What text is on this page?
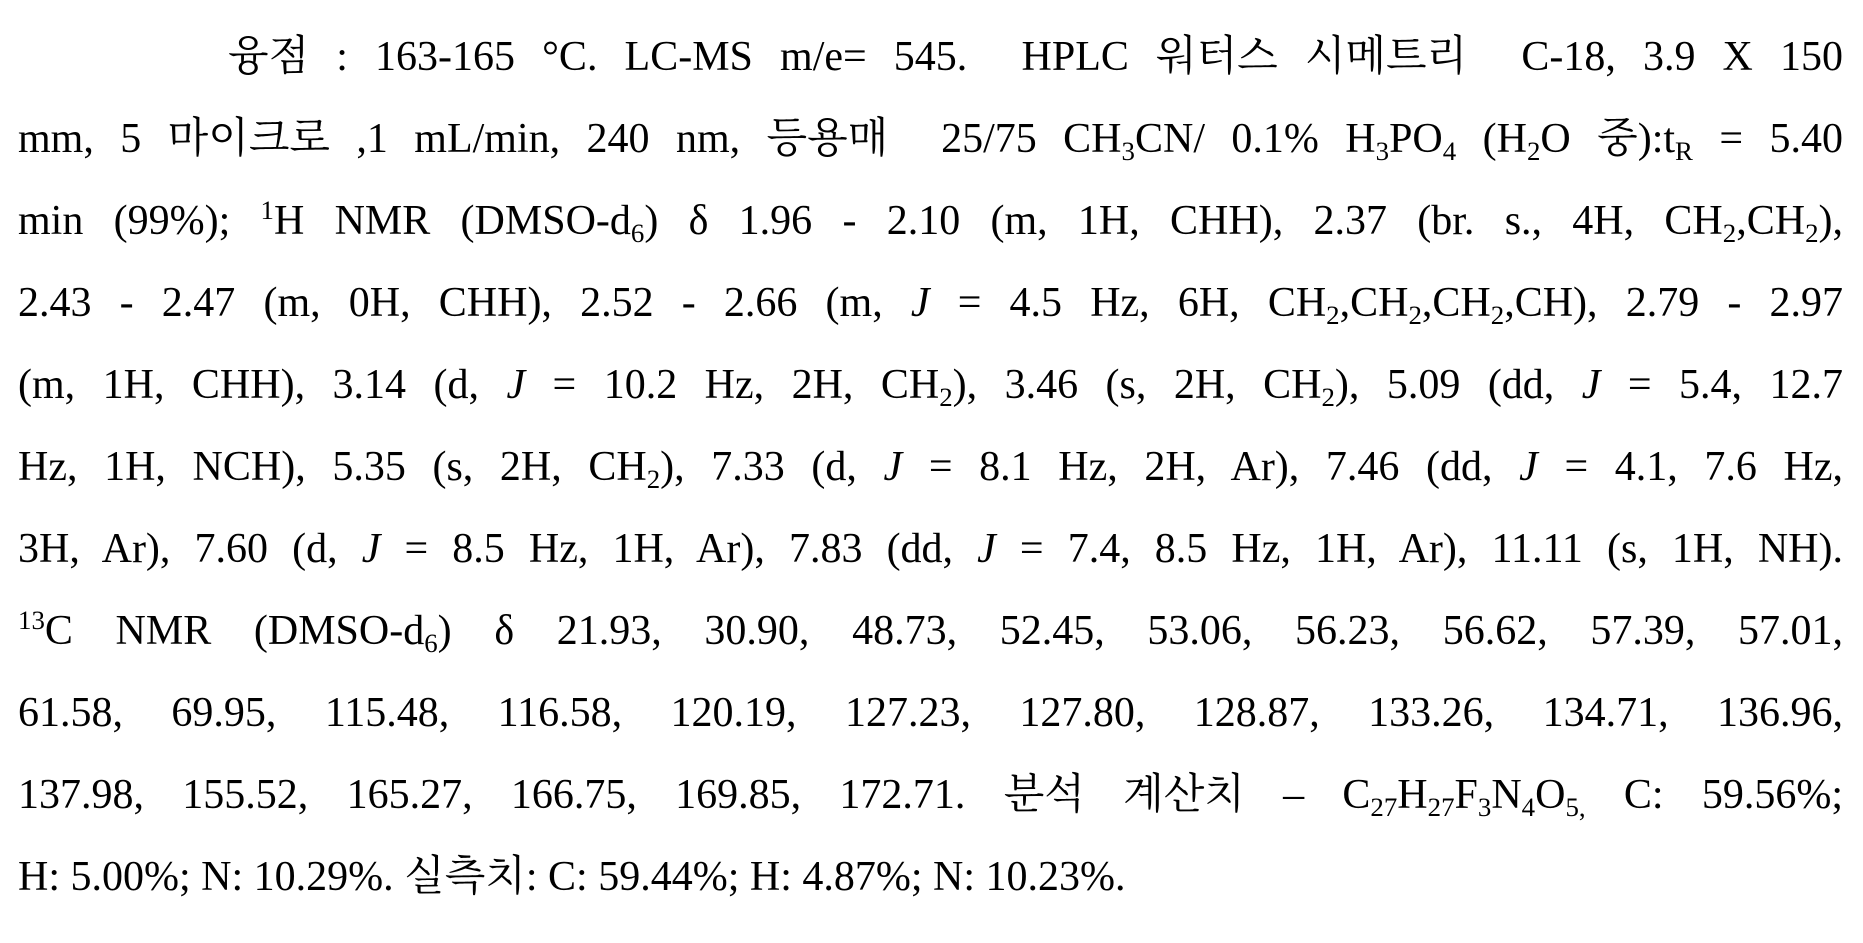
융점 : 163-165 °C. LC-MS m/e= 545.  HPLC 워터스 시메트리  C-18, 3.9 X 150
mm, 5 마이크로 ,1 mL/min, 240 nm, 등용매  25/75 CH3CN/ 0.1% H3PO4 (H2O 중):tR = 5.40
min (99%); $^1$H NMR (DMSO-d6) δ 1.96 - 2.10 (m, 1H, CHH), 2.37 (br. s., 4H, CH2,CH2),
2.43 - 2.47 (m, 0H, CHH), 2.52 - 2.66 (m, J = 4.5 Hz, 6H, CH2,CH2,CH2,CH), 2.79 - 2.97
(m, 1H, CHH), 3.14 (d, J = 10.2 Hz, 2H, CH2), 3.46 (s, 2H, CH2), 5.09 (dd, J = 5.4, 12.7
Hz, 1H, NCH), 5.35 (s, 2H, CH2), 7.33 (d, J = 8.1 Hz, 2H, Ar), 7.46 (dd, J = 4.1, 7.6 Hz,
3H, Ar), 7.60 (d, J = 8.5 Hz, 1H, Ar), 7.83 (dd, J = 7.4, 8.5 Hz, 1H, Ar), 11.11 (s, 1H, NH).
$^{13}$C NMR (DMSO-d6) δ 21.93, 30.90, 48.73, 52.45, 53.06, 56.23, 56.62, 57.39, 57.01,
61.58, 69.95, 115.48, 116.58, 120.19, 127.23, 127.80, 128.87, 133.26, 134.71, 136.96,
137.98, 155.52, 165.27, 166.75, 169.85, 172.71. 분석 계산치 – C27H27F3N4O5, C: 59.56%;
H: 5.00%; N: 10.29%. 실측치: C: 59.44%; H: 4.87%; N: 10.23%.
